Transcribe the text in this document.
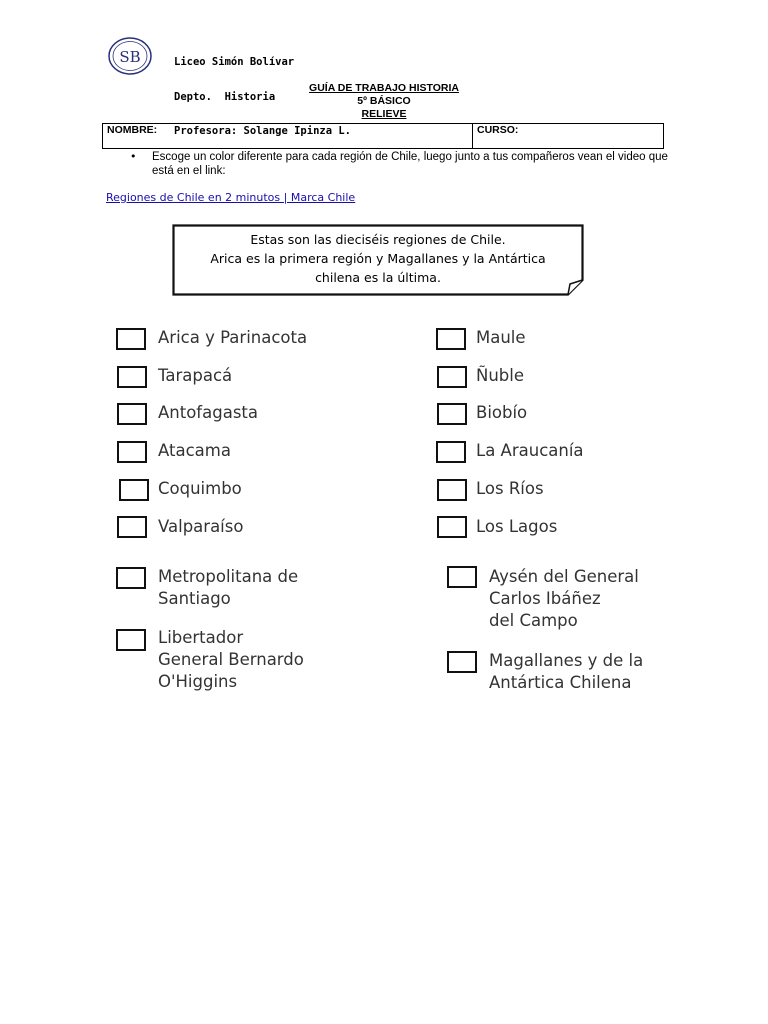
SB

	Liceo Simón Bolívar

Depto.  Historia

Profesora: Solange Ipinza L.

GUÍA DE TRABAJO HISTORIA
5º BÁSICO
RELIEVE
NOMBRE:	CURSO:
• Escoge un color diferente para cada región de Chile, luego junto a tus compañeros vean el video que está en el link:
Regiones de Chile en 2 minutos | Marca Chile
Estas son las dieciséis regiones de Chile.
Arica es la primera región y Magallanes y la Antártica
chilena es la última.
Arica y Parinacota
Tarapacá
Antofagasta
Atacama
Coquimbo
Valparaíso
Metropolitana de
Santiago
Libertador
General Bernardo
O'Higgins
Maule
Ñuble
Biobío
La Araucanía
Los Ríos
Los Lagos
Aysén del General
Carlos Ibáñez
del Campo
Magallanes y de la
Antártica Chilena
